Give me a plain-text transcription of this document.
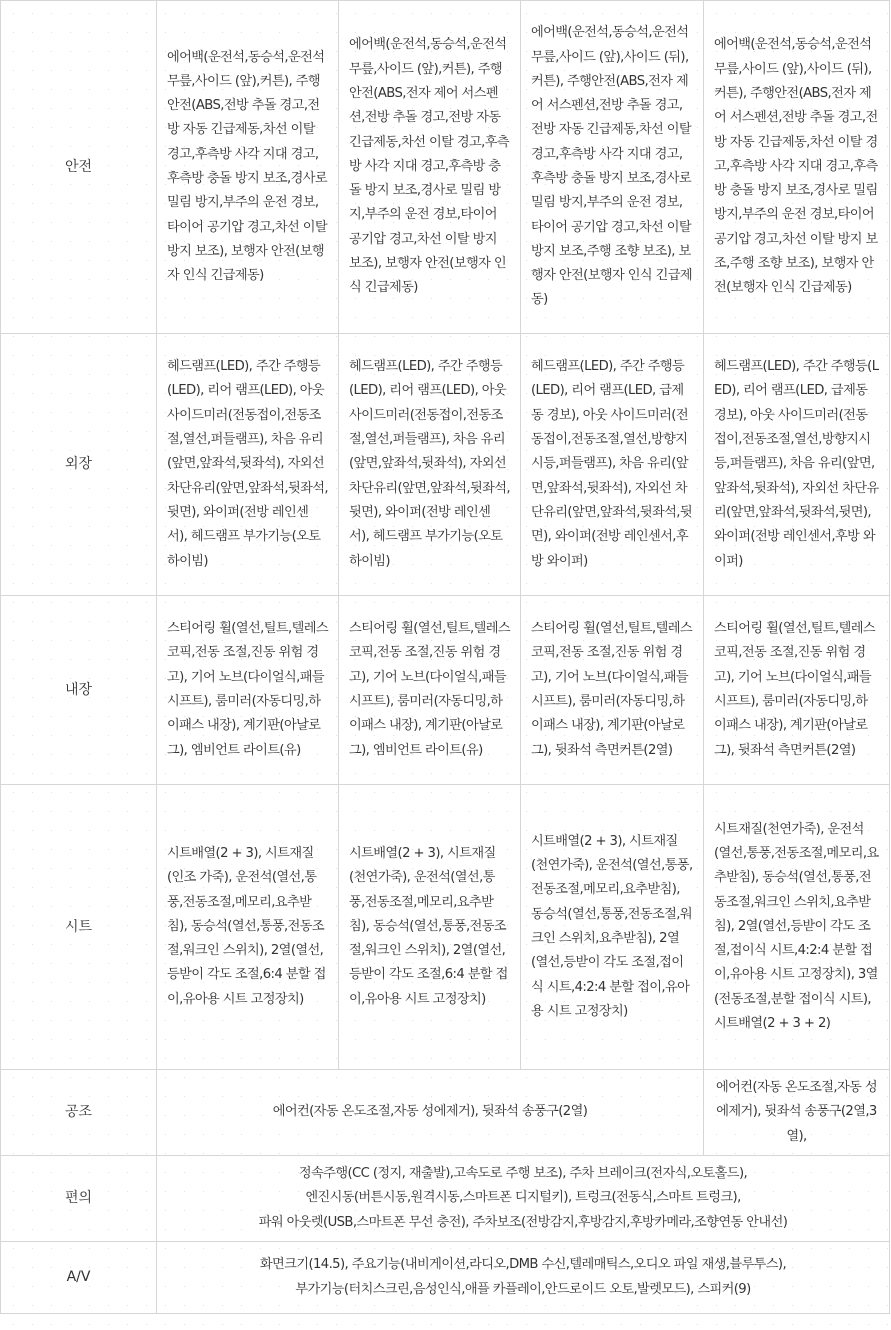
안전	에어백(운전석,동승석,운전석 무릎,사이드 (앞),커튼), 주행안전(ABS,전방 추돌 경고,전방 자동 긴급제동,차선 이탈 경고,후측방 사각 지대 경고,후측방 충돌 방지 보조,경사로 밀림 방지,부주의 운전 경보,타이어 공기압 경고,차선 이탈 방지 보조), 보행자 안전(보행자 인식 긴급제동)	에어백(운전석,동승석,운전석 무릎,사이드 (앞),커튼), 주행안전(ABS,전자 제어 서스펜션,전방 추돌 경고,전방 자동 긴급제동,차선 이탈 경고,후측방 사각 지대 경고,후측방 충돌 방지 보조,경사로 밀림 방지,부주의 운전 경보,타이어 공기압 경고,차선 이탈 방지 보조), 보행자 안전(보행자 인식 긴급제동)	에어백(운전석,동승석,운전석 무릎,사이드 (앞),사이드 (뒤),커튼), 주행안전(ABS,전자 제어 서스펜션,전방 추돌 경고,전방 자동 긴급제동,차선 이탈 경고,후측방 사각 지대 경고,후측방 충돌 방지 보조,경사로 밀림 방지,부주의 운전 경보,타이어 공기압 경고,차선 이탈 방지 보조,주행 조향 보조), 보행자 안전(보행자 인식 긴급제동)	에어백(운전석,동승석,운전석 무릎,사이드 (앞),사이드 (뒤),커튼), 주행안전(ABS,전자 제어 서스펜션,전방 추돌 경고,전방 자동 긴급제동,차선 이탈 경고,후측방 사각 지대 경고,후측방 충돌 방지 보조,경사로 밀림 방지,부주의 운전 경보,타이어 공기압 경고,차선 이탈 방지 보조,주행 조향 보조), 보행자 안전(보행자 인식 긴급제동)
외장	헤드램프(LED), 주간 주행등(LED), 리어 램프(LED), 아웃 사이드미러(전동접이,전동조절,열선,퍼들램프), 차음 유리(앞면,앞좌석,뒷좌석), 자외선 차단유리(앞면,앞좌석,뒷좌석,뒷면), 와이퍼(전방 레인센서), 헤드램프 부가기능(오토 하이빔)	헤드램프(LED), 주간 주행등(LED), 리어 램프(LED), 아웃 사이드미러(전동접이,전동조절,열선,퍼들램프), 차음 유리(앞면,앞좌석,뒷좌석), 자외선 차단유리(앞면,앞좌석,뒷좌석,뒷면), 와이퍼(전방 레인센서), 헤드램프 부가기능(오토 하이빔)	헤드램프(LED), 주간 주행등(LED), 리어 램프(LED, 급제동 경보), 아웃 사이드미러(전동접이,전동조절,열선,방향지시등,퍼들램프), 차음 유리(앞면,앞좌석,뒷좌석), 자외선 차단유리(앞면,앞좌석,뒷좌석,뒷면), 와이퍼(전방 레인센서,후방 와이퍼)	헤드램프(LED), 주간 주행등(LED), 리어 램프(LED, 급제동 경보), 아웃 사이드미러(전동접이,전동조절,열선,방향지시등,퍼들램프), 차음 유리(앞면,앞좌석,뒷좌석), 자외선 차단유리(앞면,앞좌석,뒷좌석,뒷면), 와이퍼(전방 레인센서,후방 와이퍼)
내장	스티어링 휠(열선,틸트,텔레스코픽,전동 조절,진동 위험 경고), 기어 노브(다이얼식,패들 시프트), 룸미러(자동디밍,하이패스 내장), 계기판(아날로그), 엠비언트 라이트(유)	스티어링 휠(열선,틸트,텔레스코픽,전동 조절,진동 위험 경고), 기어 노브(다이얼식,패들 시프트), 룸미러(자동디밍,하이패스 내장), 계기판(아날로그), 엠비언트 라이트(유)	스티어링 휠(열선,틸트,텔레스코픽,전동 조절,진동 위험 경고), 기어 노브(다이얼식,패들 시프트), 룸미러(자동디밍,하이패스 내장), 계기판(아날로그), 뒷좌석 측면커튼(2열)	스티어링 휠(열선,틸트,텔레스코픽,전동 조절,진동 위험 경고), 기어 노브(다이얼식,패들 시프트), 룸미러(자동디밍,하이패스 내장), 계기판(아날로그), 뒷좌석 측면커튼(2열)
시트	시트배열(2 + 3), 시트재질(인조 가죽), 운전석(열선,통풍,전동조절,메모리,요추받침), 동승석(열선,통풍,전동조절,워크인 스위치), 2열(열선,등받이 각도 조절,6:4 분할 접이,유아용 시트 고정장치)	시트배열(2 + 3), 시트재질(천연가죽), 운전석(열선,통풍,전동조절,메모리,요추받침), 동승석(열선,통풍,전동조절,워크인 스위치), 2열(열선,등받이 각도 조절,6:4 분할 접이,유아용 시트 고정장치)	시트배열(2 + 3), 시트재질(천연가죽), 운전석(열선,통풍,전동조절,메모리,요추받침), 동승석(열선,통풍,전동조절,워크인 스위치,요추받침), 2열(열선,등받이 각도 조절,접이식 시트,4:2:4 분할 접이,유아용 시트 고정장치)	시트재질(천연가죽), 운전석(열선,통풍,전동조절,메모리,요추받침), 동승석(열선,통풍,전동조절,워크인 스위치,요추받침), 2열(열선,등받이 각도 조절,접이식 시트,4:2:4 분할 접이,유아용 시트 고정장치), 3열(전동조절,분할 접이식 시트), 시트배열(2 + 3 + 2)
공조	에어컨(자동 온도조절,자동 성에제거), 뒷좌석 송풍구(2열)			에어컨(자동 온도조절,자동 성에제거), 뒷좌석 송풍구(2열,3열),
편의	정속주행(CC (정지, 재출발),고속도로 주행 보조), 주차 브레이크(전자식,오토홀드),
엔진시동(버튼시동,원격시동,스마트폰 디지털키), 트렁크(전동식,스마트 트렁크),
파워 아웃렛(USB,스마트폰 무선 충전), 주차보조(전방감지,후방감지,후방카메라,조향연동 안내선)			

A/V	화면크기(14.5), 주요기능(내비게이션,라디오,DMB 수신,텔레매틱스,오디오 파일 재생,블루투스),
부가기능(터치스크린,음성인식,애플 카플레이,안드로이드 오토,발렛모드), 스피커(9)			
